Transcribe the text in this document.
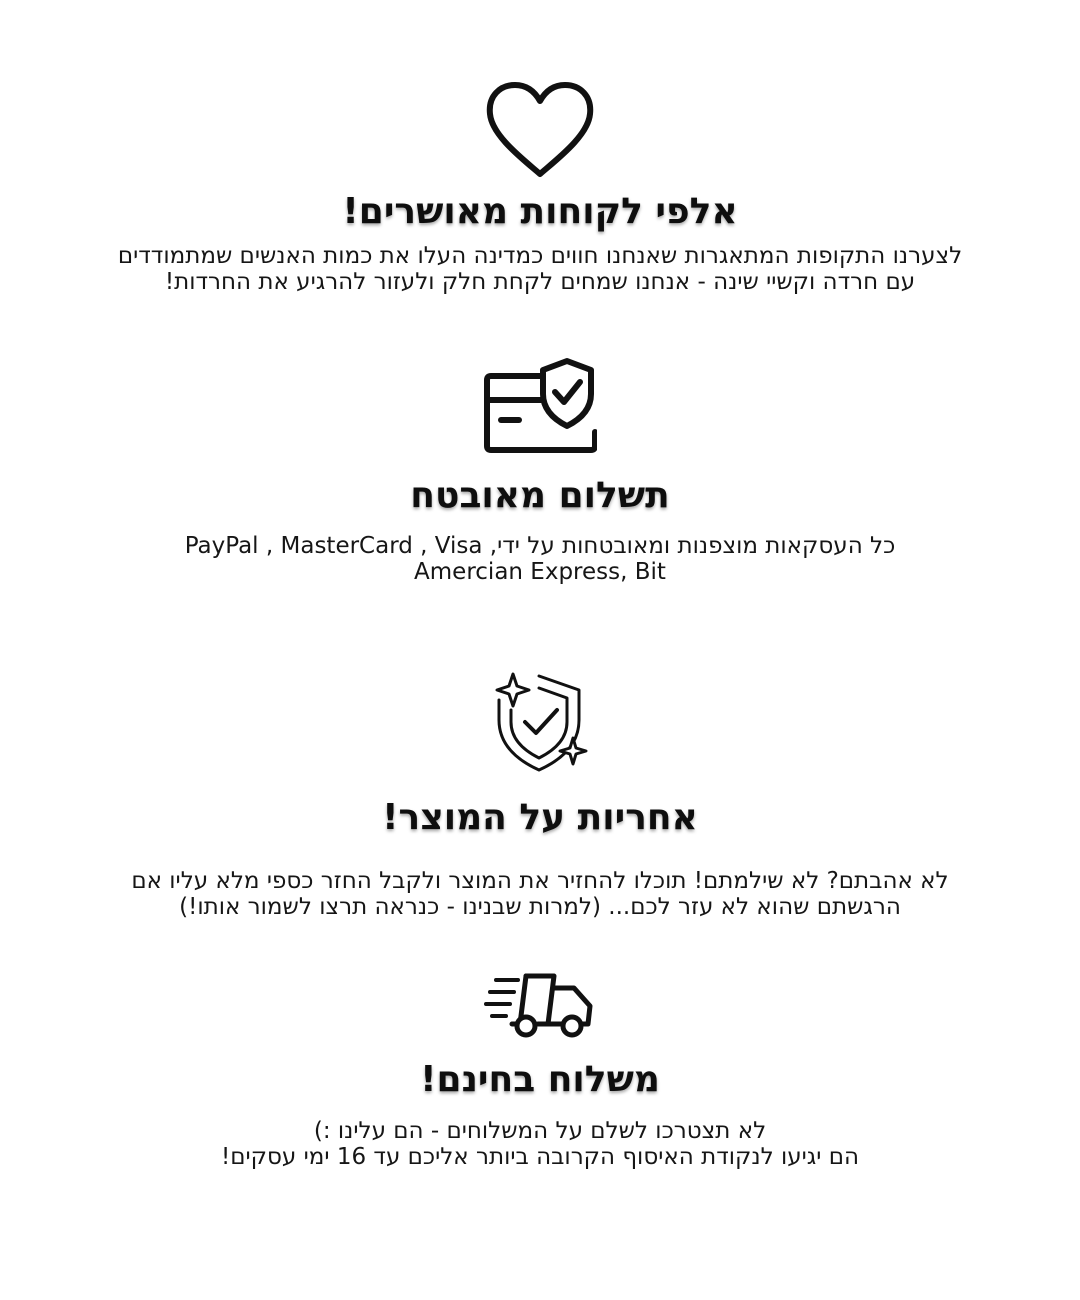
אלפי לקוחות מאושרים!

לצערנו התקופות המתאגרות שאנחנו חווים כמדינה העלו את כמות האנשים שמתמודדים
עם חרדה וקשיי שינה - אנחנו שמחים לקחת חלק ולעזור להרגיע את החרדות!

תשלום מאובטח

כל העסקאות מוצפנות ומאובטחות על ידי, PayPal , MasterCard , Visa

Amercian Express, Bit

אחריות על המוצר!

לא אהבתם? לא שילמתם! תוכלו להחזיר את המוצר ולקבל החזר כספי מלא עליו אם
הרגשתם שהוא לא עזר לכם... (למרות שבנינו - כנראה תרצו לשמור אותו!)

משלוח בחינם!

לא תצטרכו לשלם על המשלוחים - הם עלינו :)
הם יגיעו לנקודת האיסוף הקרובה ביותר אליכם עד 16 ימי עסקים!
